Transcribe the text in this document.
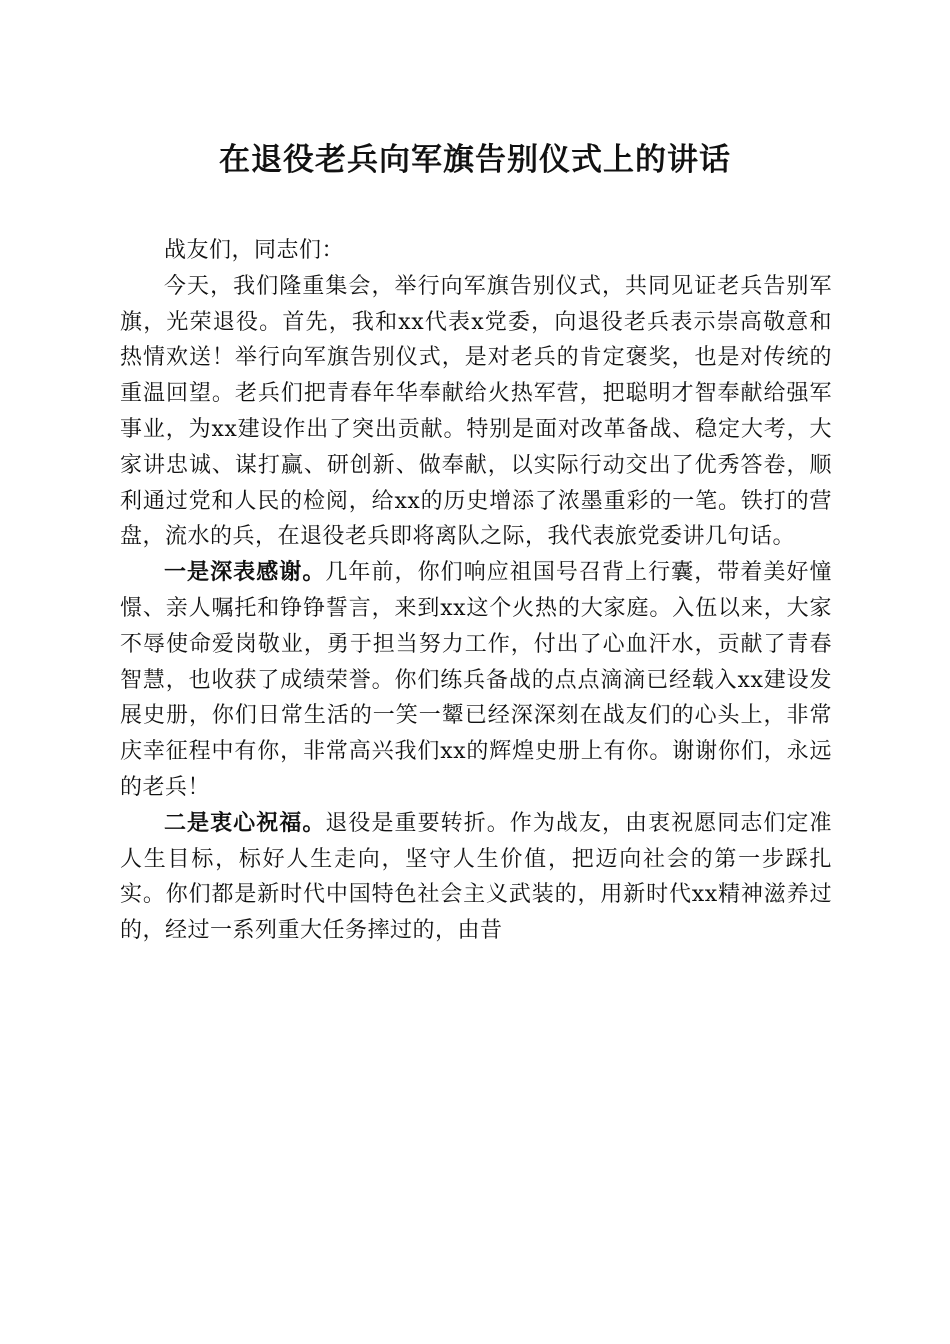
在退役老兵向军旗告别仪式上的讲话

战友们，同志们：

今天，我们隆重集会，举行向军旗告别仪式，共同见证老兵告别军旗，光荣退役。首先，我和xx代表x党委，向退役老兵表示崇高敬意和热情欢送！举行向军旗告别仪式，是对老兵的肯定褒奖，也是对传统的重温回望。老兵们把青春年华奉献给火热军营，把聪明才智奉献给强军事业，为xx建设作出了突出贡献。特别是面对改革备战、稳定大考，大家讲忠诚、谋打赢、研创新、做奉献，以实际行动交出了优秀答卷，顺利通过党和人民的检阅，给xx的历史增添了浓墨重彩的一笔。铁打的营盘，流水的兵，在退役老兵即将离队之际，我代表旅党委讲几句话。

一是深表感谢。几年前，你们响应祖国号召背上行囊，带着美好憧憬、亲人嘱托和铮铮誓言，来到xx这个火热的大家庭。入伍以来，大家不辱使命爱岗敬业，勇于担当努力工作，付出了心血汗水，贡献了青春智慧，也收获了成绩荣誉。你们练兵备战的点点滴滴已经载入xx建设发展史册，你们日常生活的一笑一颦已经深深刻在战友们的心头上，非常庆幸征程中有你，非常高兴我们xx的辉煌史册上有你。谢谢你们，永远的老兵！

二是衷心祝福。退役是重要转折。作为战友，由衷祝愿同志们定准人生目标，标好人生走向，坚守人生价值，把迈向社会的第一步踩扎实。你们都是新时代中国特色社会主义武装的，用新时代xx精神滋养过的，经过一系列重大任务摔过的，由昔
